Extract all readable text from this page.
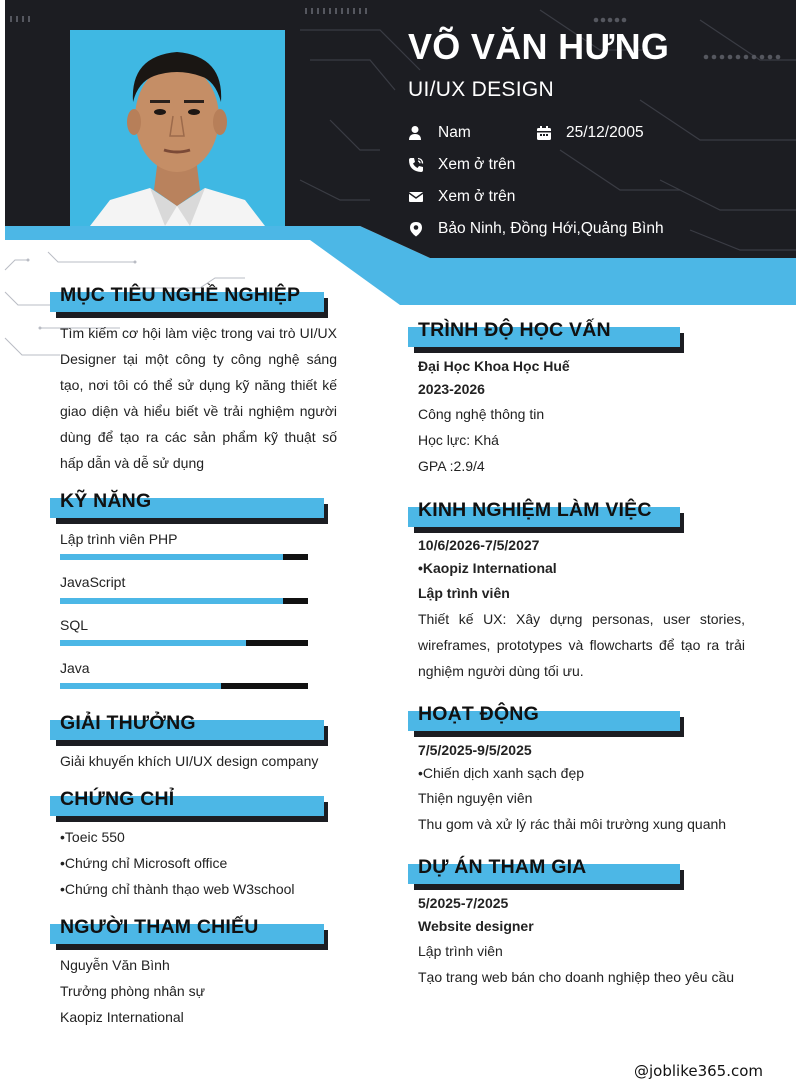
VÕ VĂN HƯNG
UI/UX DESIGN
Nam	25/12/2005
Xem ở trên
Xem ở trên
Bảo Ninh, Đồng Hới,Quảng Bình
MỤC TIÊU NGHỀ NGHIỆP
Tìm kiếm cơ hội làm việc trong vai trò UI/UX Designer tại một công ty công nghệ sáng tạo, nơi tôi có thể sử dụng kỹ năng thiết kế giao diện và hiểu biết về trải nghiệm người dùng để tạo ra các sản phẩm kỹ thuật số hấp dẫn và dễ sử dụng
KỸ NĂNG
Lập trình viên PHP
JavaScript
SQL
Java
GIẢI THƯỞNG
Giải khuyến khích UI/UX design company
CHỨNG CHỈ
•Toeic 550
•Chứng chỉ Microsoft office
•Chứng chỉ thành thạo web W3school
NGƯỜI THAM CHIẾU
Nguyễn Văn Bình
Trưởng phòng nhân sự
Kaopiz International
TRÌNH ĐỘ HỌC VẤN
Đại Học Khoa Học Huế
2023-2026
Công nghệ thông tin
Học lực: Khá
GPA :2.9/4
KINH NGHIỆM LÀM VIỆC
10/6/2026-7/5/2027
•Kaopiz International
Lập trình viên
Thiết kế UX: Xây dựng personas, user stories, wireframes, prototypes và flowcharts để tạo ra trải nghiệm người dùng tối ưu.
HOẠT ĐỘNG
7/5/2025-9/5/2025
•Chiến dịch xanh sạch đẹp
Thiện nguyện viên
Thu gom và xử lý rác thải môi trường xung quanh
DỰ ÁN THAM GIA
5/2025-7/2025
Website designer
Lập trình viên
Tạo trang web bán cho doanh nghiệp theo yêu cầu
@joblike365.com
